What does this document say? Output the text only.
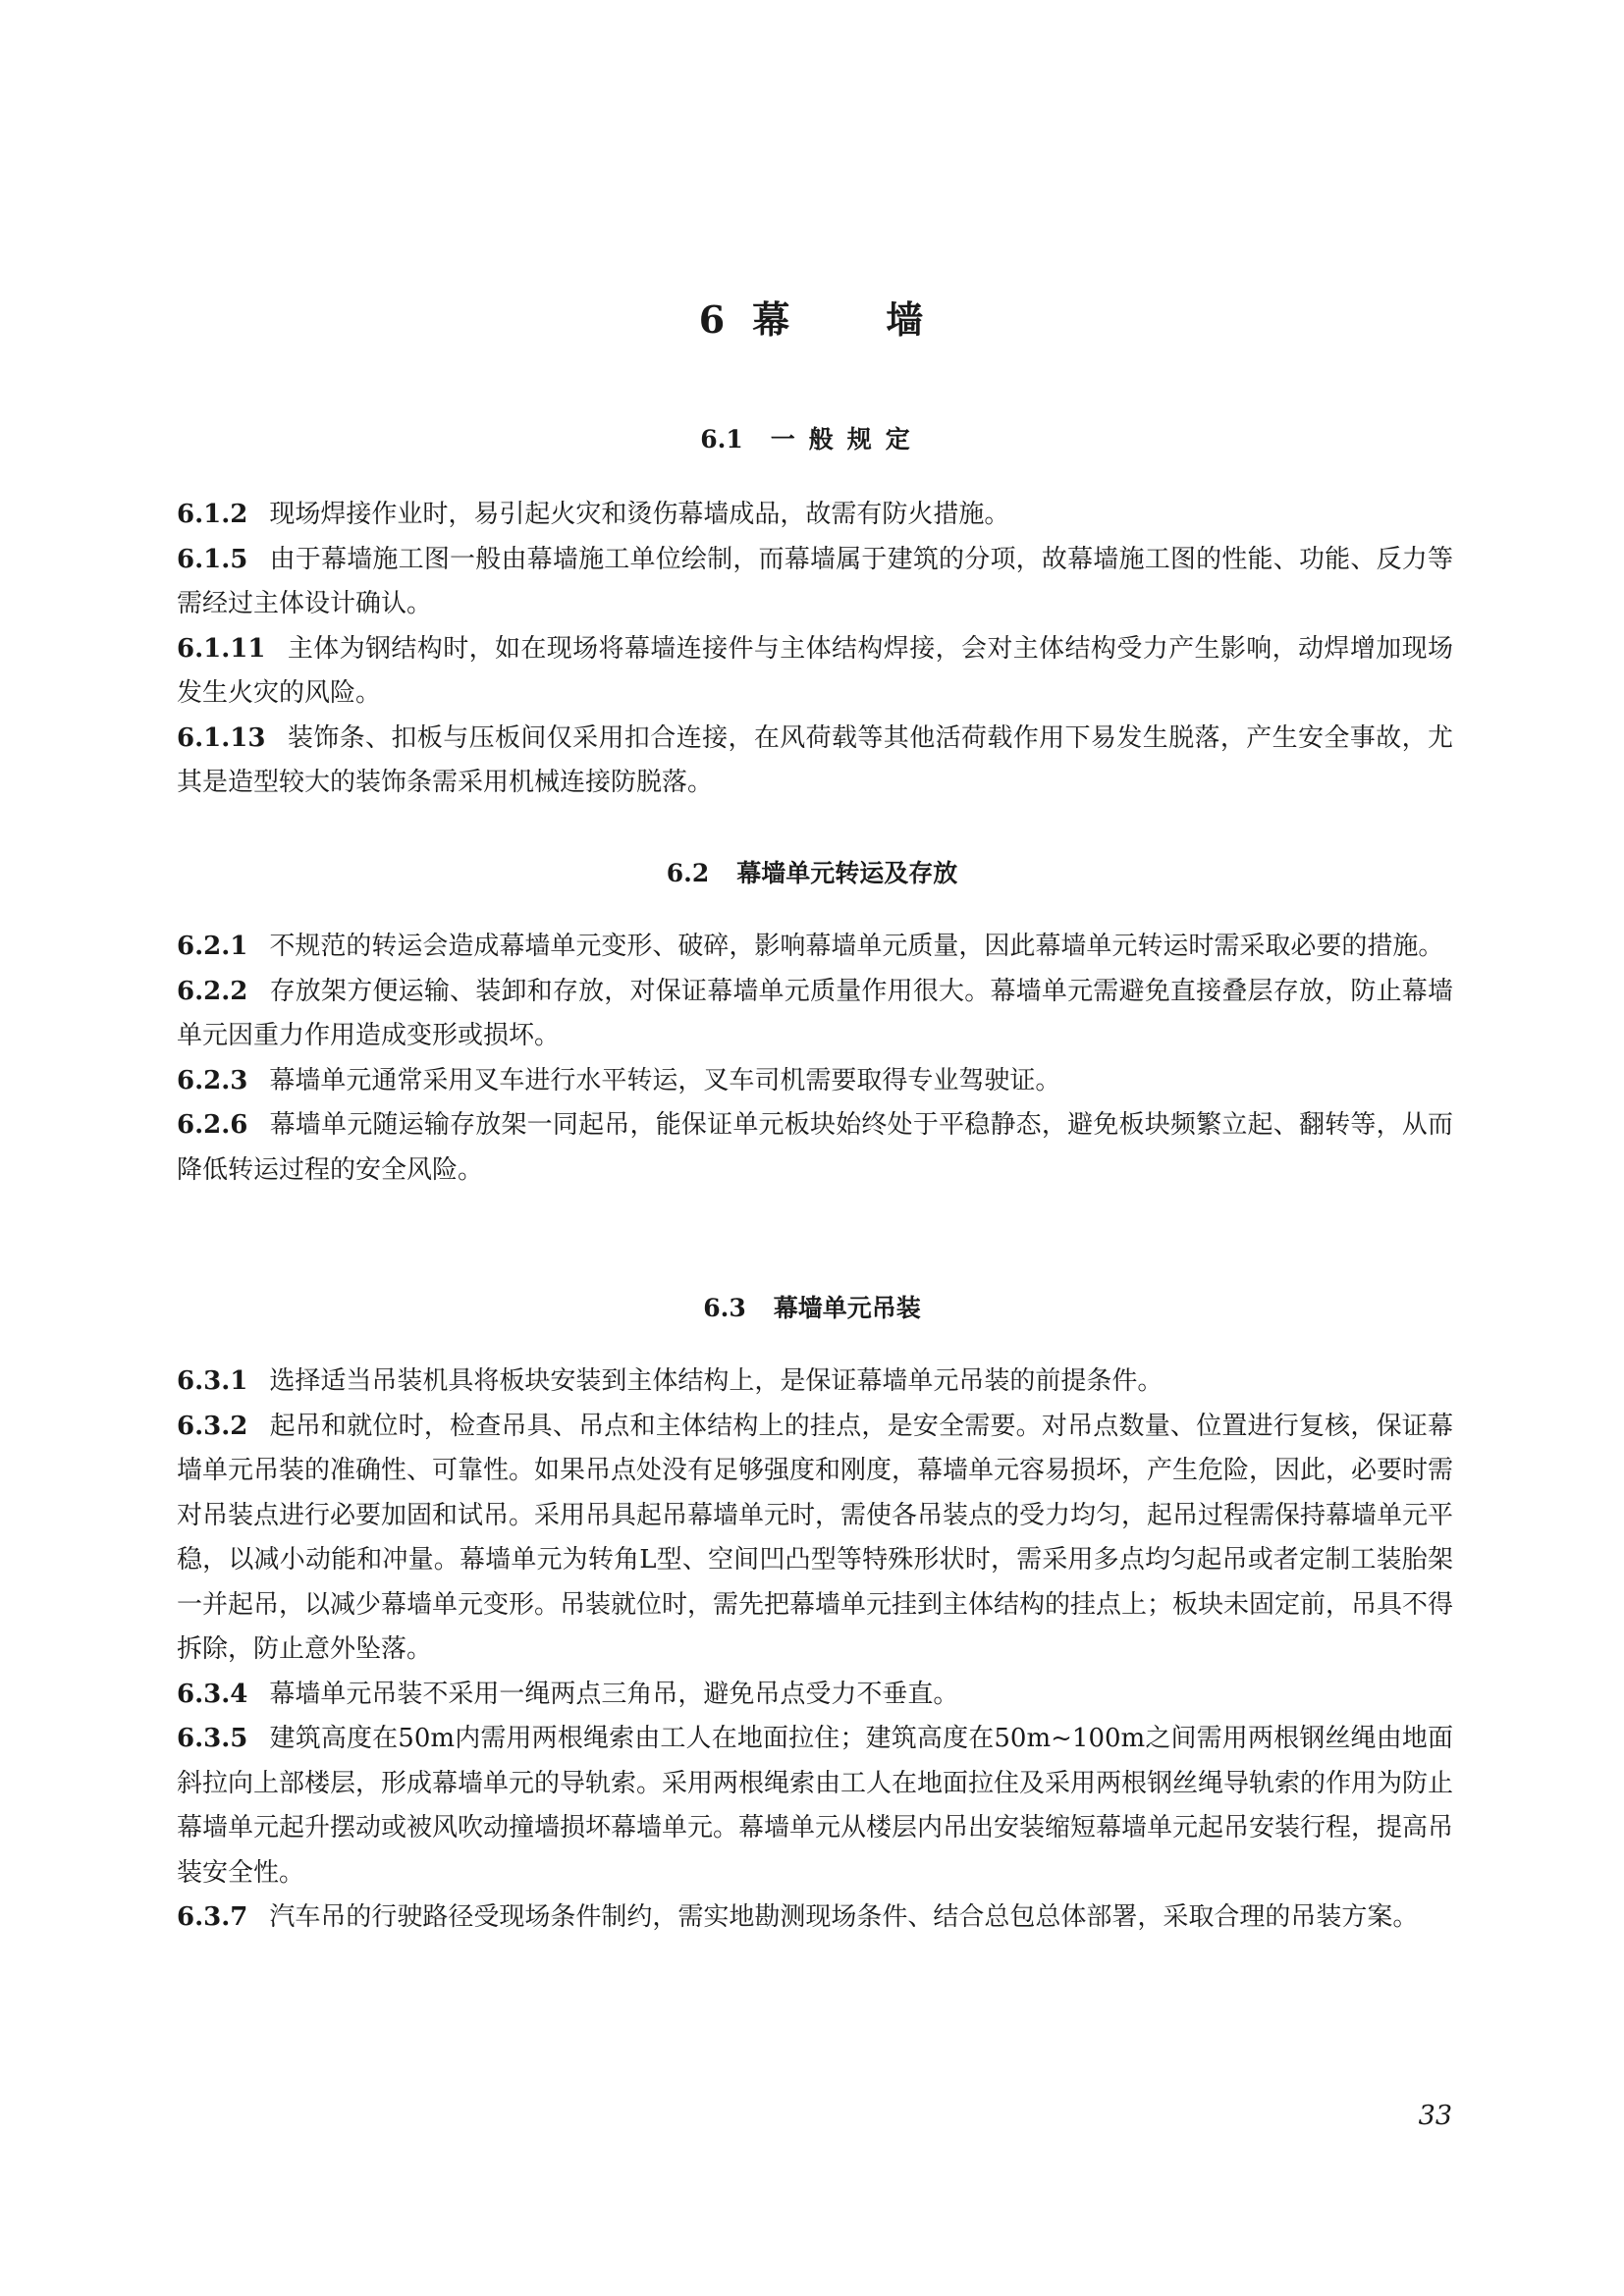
6 幕	墙
6.1 一般规定
6.1.2 现场焊接作业时，易引起火灾和烫伤幕墙成品，故需有防火措施。
6.1.5 由于幕墙施工图一般由幕墙施工单位绘制，而幕墙属于建筑的分项，故幕墙施工图的性能、功能、反力等需经过主体设计确认。
6.1.11 主体为钢结构时，如在现场将幕墙连接件与主体结构焊接，会对主体结构受力产生影响，动焊增加现场发生火灾的风险。
6.1.13 装饰条、扣板与压板间仅采用扣合连接，在风荷载等其他活荷载作用下易发生脱落，产生安全事故，尤其是造型较大的装饰条需采用机械连接防脱落。
6.2 幕墙单元转运及存放
6.2.1 不规范的转运会造成幕墙单元变形、破碎，影响幕墙单元质量，因此幕墙单元转运时需采取必要的措施。
6.2.2 存放架方便运输、装卸和存放，对保证幕墙单元质量作用很大。幕墙单元需避免直接叠层存放，防止幕墙单元因重力作用造成变形或损坏。
6.2.3 幕墙单元通常采用叉车进行水平转运，叉车司机需要取得专业驾驶证。
6.2.6 幕墙单元随运输存放架一同起吊，能保证单元板块始终处于平稳静态，避免板块频繁立起、翻转等，从而降低转运过程的安全风险。
6.3 幕墙单元吊装
6.3.1 选择适当吊装机具将板块安装到主体结构上，是保证幕墙单元吊装的前提条件。
6.3.2 起吊和就位时，检查吊具、吊点和主体结构上的挂点，是安全需要。对吊点数量、位置进行复核，保证幕墙单元吊装的准确性、可靠性。如果吊点处没有足够强度和刚度，幕墙单元容易损坏，产生危险，因此，必要时需对吊装点进行必要加固和试吊。采用吊具起吊幕墙单元时，需使各吊装点的受力均匀，起吊过程需保持幕墙单元平稳，以减小动能和冲量。幕墙单元为转角L型、空间凹凸型等特殊形状时，需采用多点均匀起吊或者定制工装胎架一并起吊，以减少幕墙单元变形。吊装就位时，需先把幕墙单元挂到主体结构的挂点上；板块未固定前，吊具不得拆除，防止意外坠落。
6.3.4 幕墙单元吊装不采用一绳两点三角吊，避免吊点受力不垂直。
6.3.5 建筑高度在50m内需用两根绳索由工人在地面拉住；建筑高度在50m~100m之间需用两根钢丝绳由地面斜拉向上部楼层，形成幕墙单元的导轨索。采用两根绳索由工人在地面拉住及采用两根钢丝绳导轨索的作用为防止幕墙单元起升摆动或被风吹动撞墙损坏幕墙单元。幕墙单元从楼层内吊出安装缩短幕墙单元起吊安装行程，提高吊装安全性。
6.3.7 汽车吊的行驶路径受现场条件制约，需实地勘测现场条件、结合总包总体部署，采取合理的吊装方案。
33
